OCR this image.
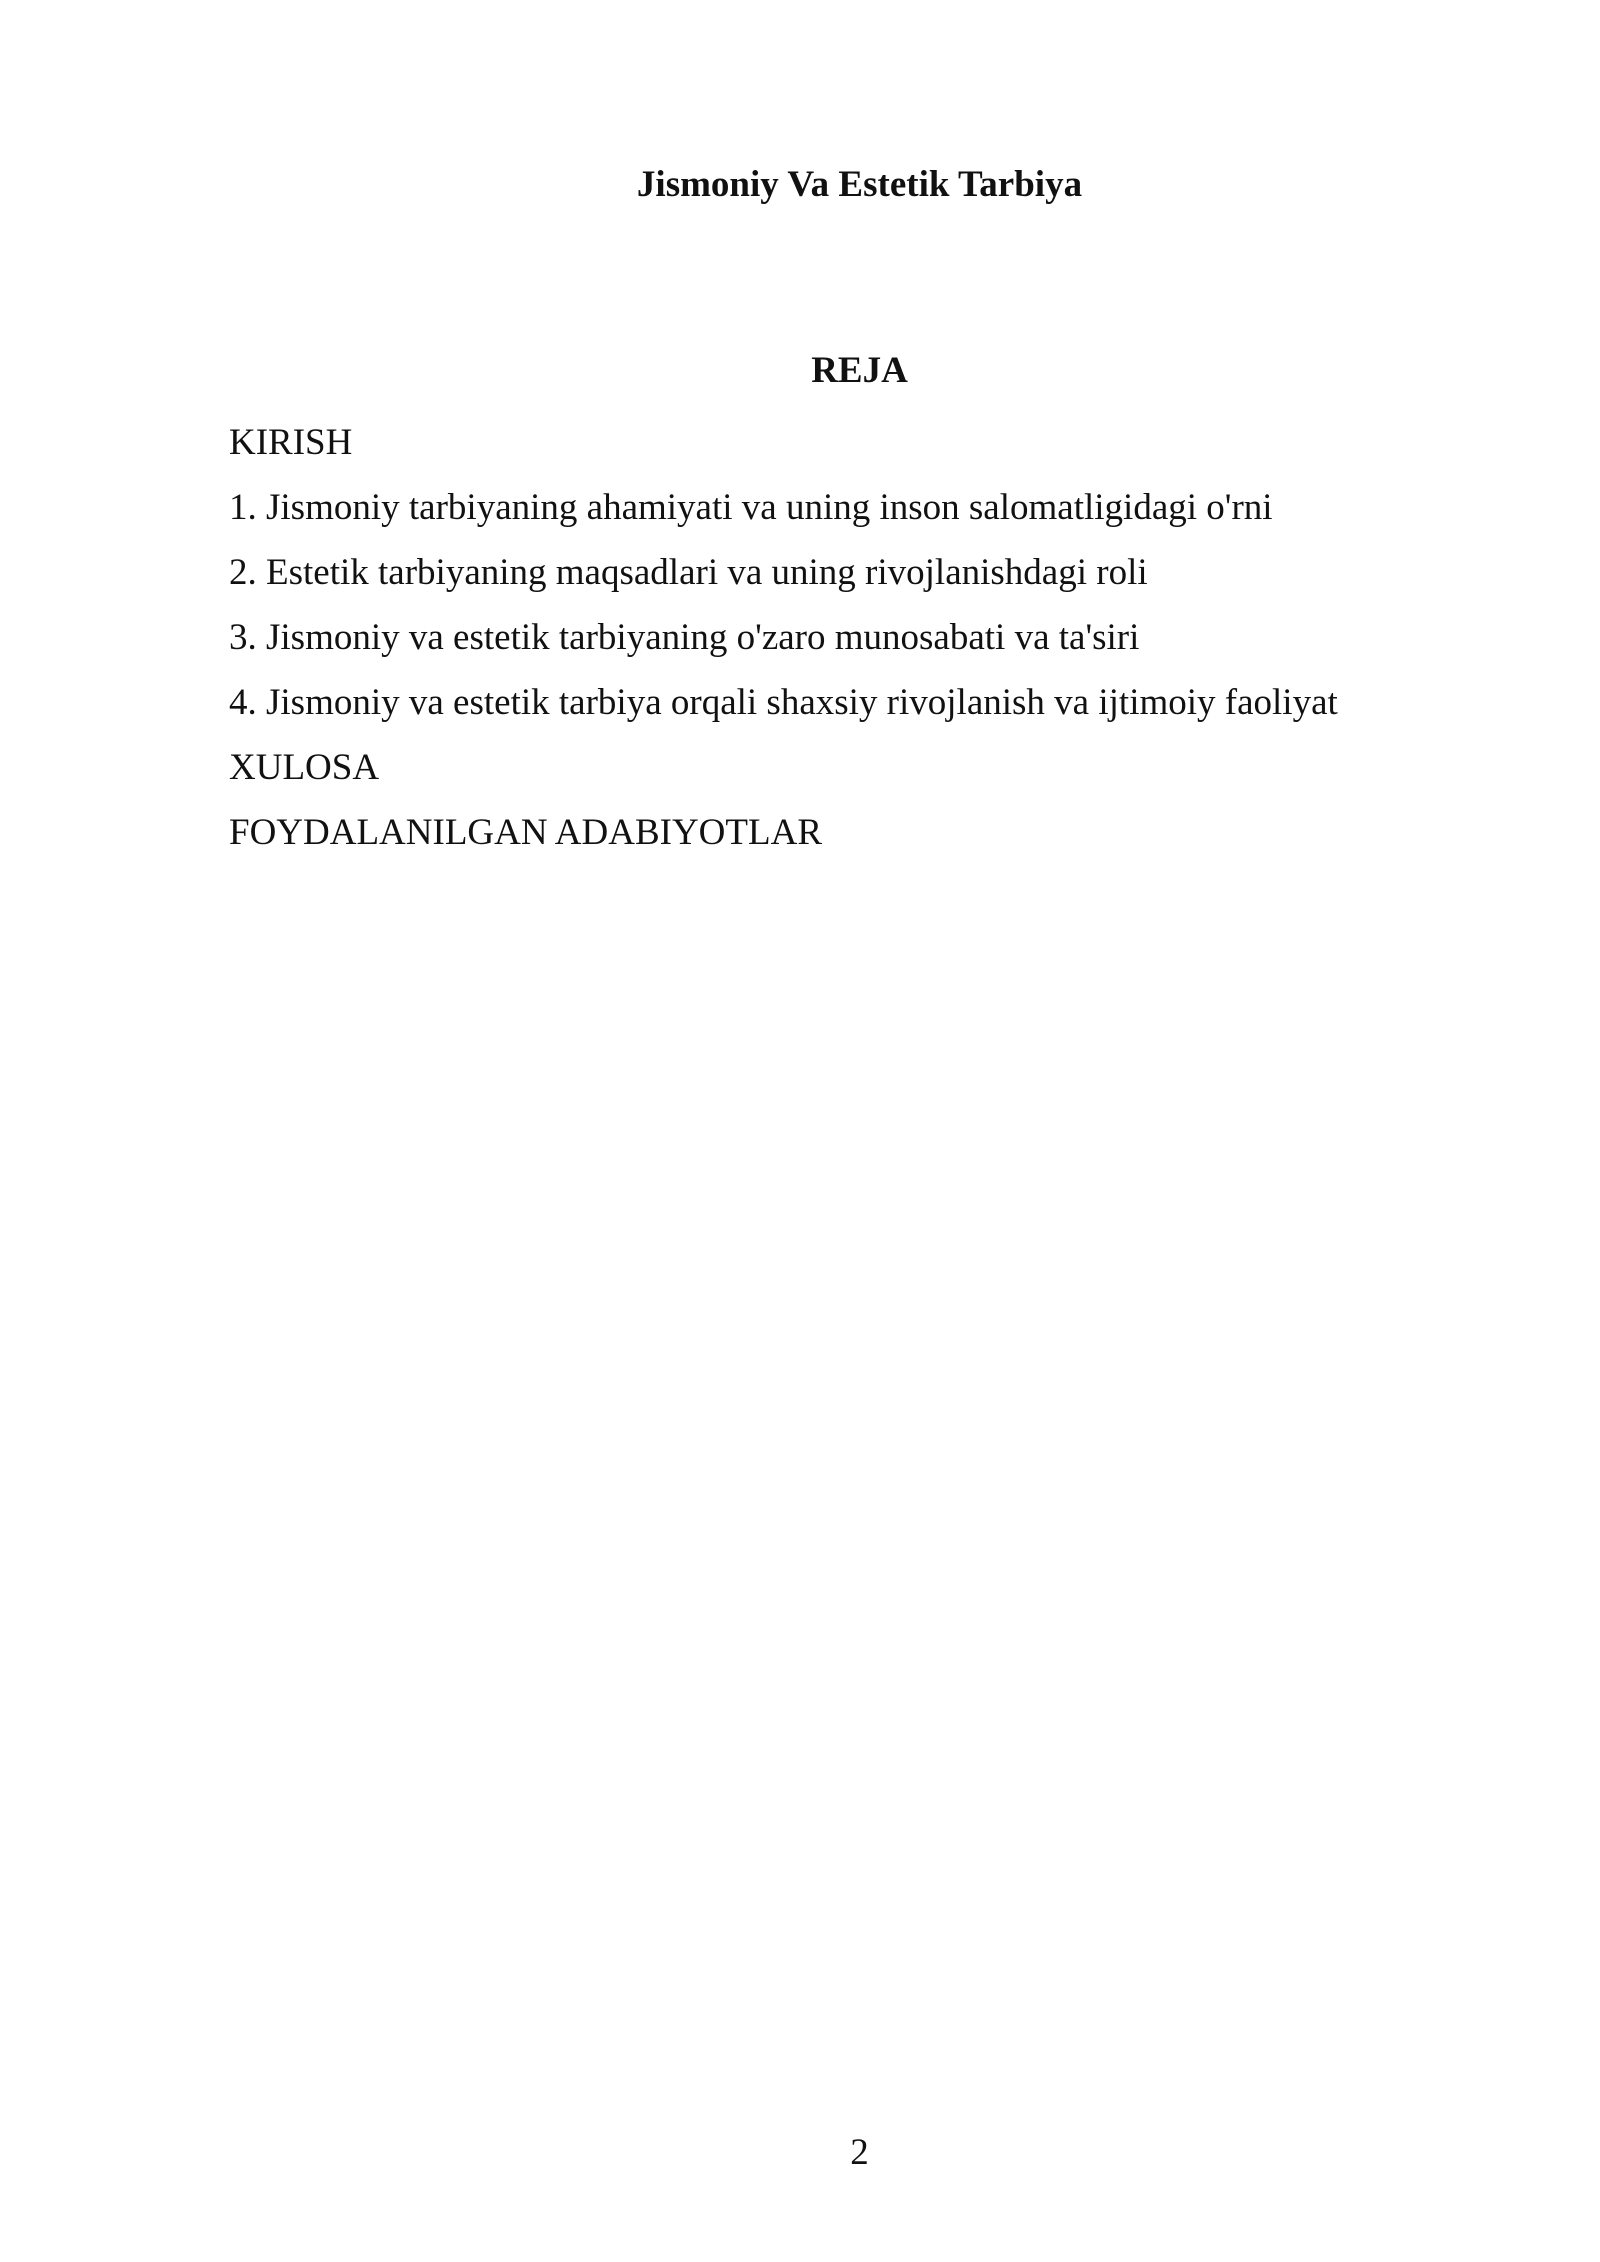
Jismoniy Va Estetik Tarbiya
REJA
KIRISH
1. Jismoniy tarbiyaning ahamiyati va uning inson salomatligidagi o'rni
2. Estetik tarbiyaning maqsadlari va uning rivojlanishdagi roli
3. Jismoniy va estetik tarbiyaning o'zaro munosabati va ta'siri
4. Jismoniy va estetik tarbiya orqali shaxsiy rivojlanish va ijtimoiy faoliyat
XULOSA
FOYDALANILGAN ADABIYOTLAR
2
